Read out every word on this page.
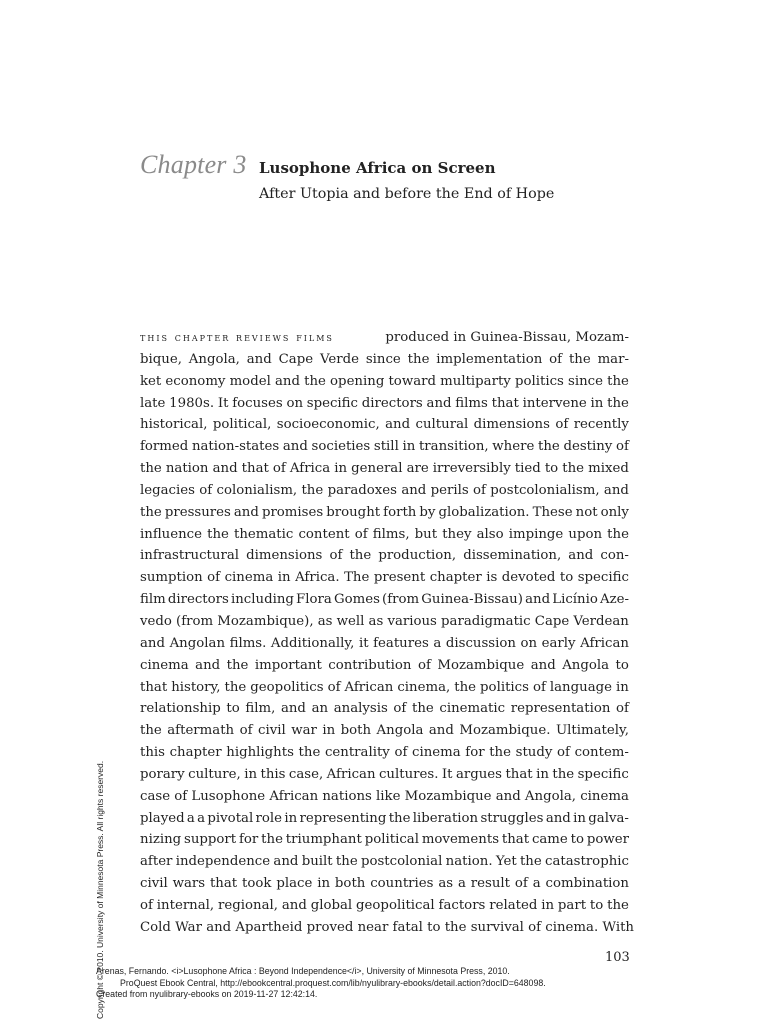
Chapter 3 Lusophone Africa on Screen
After Utopia and before the End of Hope
this chapter reviews films	produced in Guinea-Bissau, Mozam-
bique, Angola, and Cape Verde since the implementation of the mar-
ket economy model and the opening toward multiparty politics since the
late 1980s. It focuses on specific directors and films that intervene in the
historical, political, socioeconomic, and cultural dimensions of recently
formed nation-states and societies still in transition, where the destiny of
the nation and that of Africa in general are irreversibly tied to the mixed
legacies of colonialism, the paradoxes and perils of postcolonialism, and
the pressures and promises brought forth by globalization. These not only
influence the thematic content of films, but they also impinge upon the
infrastructural dimensions of the production, dissemination, and con-
sumption of cinema in Africa. The present chapter is devoted to specific
film directors including Flora Gomes (from Guinea-Bissau) and Licínio Aze-
vedo (from Mozambique), as well as various paradigmatic Cape Verdean
and Angolan films. Additionally, it features a discussion on early African
cinema and the important contribution of Mozambique and Angola to
that history, the geopolitics of African cinema, the politics of language in
relationship to film, and an analysis of the cinematic representation of
the aftermath of civil war in both Angola and Mozambique. Ultimately,
this chapter highlights the centrality of cinema for the study of contem-
porary culture, in this case, African cultures. It argues that in the specific
case of Lusophone African nations like Mozambique and Angola, cinema
played a a pivotal role in representing the liberation struggles and in galva-
nizing support for the triumphant political movements that came to power
after independence and built the postcolonial nation. Yet the catastrophic
civil wars that took place in both countries as a result of a combination
of internal, regional, and global geopolitical factors related in part to the
Cold War and Apartheid proved near fatal to the survival of cinema. With
103
Copyright © 2010. University of Minnesota Press. All rights reserved.
Arenas, Fernando. <i>Lusophone Africa : Beyond Independence</i>, University of Minnesota Press, 2010.
ProQuest Ebook Central, http://ebookcentral.proquest.com/lib/nyulibrary-ebooks/detail.action?docID=648098.
Created from nyulibrary-ebooks on 2019-11-27 12:42:14.
